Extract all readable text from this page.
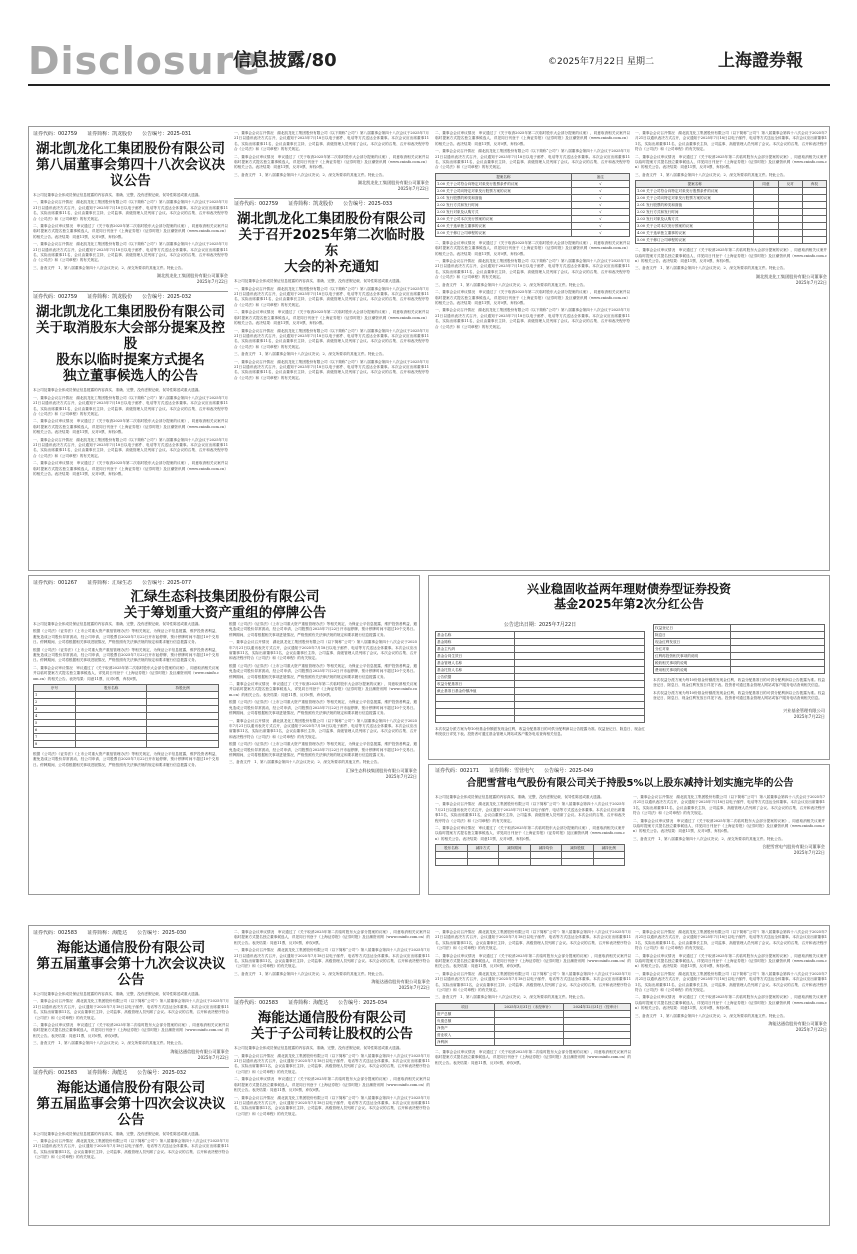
Disclosure
信息披露/80	©2025年7月22日 星期二	上海證券報
证券代码：002759　　证券简称：凯龙股份　　公告编号：2025-031
湖北凯龙化工集团股份有限公司
第八届董事会第四十八次会议决议公告

本公司及董事会全体成员保证信息披露的内容真实、准确、完整，没有虚假记载、误导性陈述或重大遗漏。

一、董事会会议召开情况　湖北凯龙化工集团股份有限公司（以下简称“公司”）第八届董事会第四十八次会议于2025年7月21日以通讯表决方式召开，会议通知于2025年7月18日以电子邮件、电话等方式送达全体董事。本次会议应出席董事11名，实际出席董事11名，会议由董事长主持，公司监事、高级管理人员列席了会议。本次会议的召集、召开和表决程序符合《公司法》和《公司章程》的有关规定。

二、董事会会议审议情况　审议通过了《关于取消2025年第二次临时股东大会部分提案的议案》，同意取消相关议案并以临时提案方式提名独立董事候选人，详见同日刊登于《上海证券报》《证券时报》及巨潮资讯网（www.cninfo.com.cn）的相关公告。表决结果：同意11票，反对0票，弃权0票。

一、董事会会议召开情况　湖北凯龙化工集团股份有限公司（以下简称“公司”）第八届董事会第四十八次会议于2025年7月21日以通讯表决方式召开，会议通知于2025年7月18日以电子邮件、电话等方式送达全体董事。本次会议应出席董事11名，实际出席董事11名，会议由董事长主持，公司监事、高级管理人员列席了会议。本次会议的召集、召开和表决程序符合《公司法》和《公司章程》的有关规定。

三、备查文件　1、第八届董事会第四十八次会议决议；2、深交所要求的其他文件。特此公告。

湖北凯龙化工集团股份有限公司董事会
2025年7月22日
证券代码：002759　　证券简称：凯龙股份　　公告编号：2025-032
湖北凯龙化工集团股份有限公司
关于取消股东大会部分提案及控股
股东以临时提案方式提名
独立董事候选人的公告

本公司及董事会全体成员保证信息披露的内容真实、准确、完整，没有虚假记载、误导性陈述或重大遗漏。

一、董事会会议召开情况　湖北凯龙化工集团股份有限公司（以下简称“公司”）第八届董事会第四十八次会议于2025年7月21日以通讯表决方式召开，会议通知于2025年7月18日以电子邮件、电话等方式送达全体董事。本次会议应出席董事11名，实际出席董事11名，会议由董事长主持，公司监事、高级管理人员列席了会议。本次会议的召集、召开和表决程序符合《公司法》和《公司章程》的有关规定。

二、董事会会议审议情况　审议通过了《关于取消2025年第二次临时股东大会部分提案的议案》，同意取消相关议案并以临时提案方式提名独立董事候选人，详见同日刊登于《上海证券报》《证券时报》及巨潮资讯网（www.cninfo.com.cn）的相关公告。表决结果：同意11票，反对0票，弃权0票。

一、董事会会议召开情况　湖北凯龙化工集团股份有限公司（以下简称“公司”）第八届董事会第四十八次会议于2025年7月21日以通讯表决方式召开，会议通知于2025年7月18日以电子邮件、电话等方式送达全体董事。本次会议应出席董事11名，实际出席董事11名，会议由董事长主持，公司监事、高级管理人员列席了会议。本次会议的召集、召开和表决程序符合《公司法》和《公司章程》的有关规定。

二、董事会会议审议情况　审议通过了《关于取消2025年第二次临时股东大会部分提案的议案》，同意取消相关议案并以临时提案方式提名独立董事候选人，详见同日刊登于《上海证券报》《证券时报》及巨潮资讯网（www.cninfo.com.cn）的相关公告。表决结果：同意11票，反对0票，弃权0票。

一、董事会会议召开情况　湖北凯龙化工集团股份有限公司（以下简称“公司”）第八届董事会第四十八次会议于2025年7月21日以通讯表决方式召开，会议通知于2025年7月18日以电子邮件、电话等方式送达全体董事。本次会议应出席董事11名，实际出席董事11名，会议由董事长主持，公司监事、高级管理人员列席了会议。本次会议的召集、召开和表决程序符合《公司法》和《公司章程》的有关规定。

二、董事会会议审议情况　审议通过了《关于取消2025年第二次临时股东大会部分提案的议案》，同意取消相关议案并以临时提案方式提名独立董事候选人，详见同日刊登于《上海证券报》《证券时报》及巨潮资讯网（www.cninfo.com.cn）的相关公告。表决结果：同意11票，反对0票，弃权0票。

三、备查文件　1、第八届董事会第四十八次会议决议；2、深交所要求的其他文件。特此公告。

湖北凯龙化工集团股份有限公司董事会
2025年7月22日
证券代码：002759　　证券简称：凯龙股份　　公告编号：2025-033
湖北凯龙化工集团股份有限公司
关于召开2025年第二次临时股东
大会的补充通知

本公司及董事会全体成员保证信息披露的内容真实、准确、完整，没有虚假记载、误导性陈述或重大遗漏。

一、董事会会议召开情况　湖北凯龙化工集团股份有限公司（以下简称“公司”）第八届董事会第四十八次会议于2025年7月21日以通讯表决方式召开，会议通知于2025年7月18日以电子邮件、电话等方式送达全体董事。本次会议应出席董事11名，实际出席董事11名，会议由董事长主持，公司监事、高级管理人员列席了会议。本次会议的召集、召开和表决程序符合《公司法》和《公司章程》的有关规定。

二、董事会会议审议情况　审议通过了《关于取消2025年第二次临时股东大会部分提案的议案》，同意取消相关议案并以临时提案方式提名独立董事候选人，详见同日刊登于《上海证券报》《证券时报》及巨潮资讯网（www.cninfo.com.cn）的相关公告。表决结果：同意11票，反对0票，弃权0票。

一、董事会会议召开情况　湖北凯龙化工集团股份有限公司（以下简称“公司”）第八届董事会第四十八次会议于2025年7月21日以通讯表决方式召开，会议通知于2025年7月18日以电子邮件、电话等方式送达全体董事。本次会议应出席董事11名，实际出席董事11名，会议由董事长主持，公司监事、高级管理人员列席了会议。本次会议的召集、召开和表决程序符合《公司法》和《公司章程》的有关规定。

三、备查文件　1、第八届董事会第四十八次会议决议；2、深交所要求的其他文件。特此公告。

一、董事会会议召开情况　湖北凯龙化工集团股份有限公司（以下简称“公司”）第八届董事会第四十八次会议于2025年7月21日以通讯表决方式召开，会议通知于2025年7月18日以电子邮件、电话等方式送达全体董事。本次会议应出席董事11名，实际出席董事11名，会议由董事长主持，公司监事、高级管理人员列席了会议。本次会议的召集、召开和表决程序符合《公司法》和《公司章程》的有关规定。

二、董事会会议审议情况　审议通过了《关于取消2025年第二次临时股东大会部分提案的议案》，同意取消相关议案并以临时提案方式提名独立董事候选人，详见同日刊登于《上海证券报》《证券时报》及巨潮资讯网（www.cninfo.com.cn）的相关公告。表决结果：同意11票，反对0票，弃权0票。

一、董事会会议召开情况　湖北凯龙化工集团股份有限公司（以下简称“公司”）第八届董事会第四十八次会议于2025年7月21日以通讯表决方式召开，会议通知于2025年7月18日以电子邮件、电话等方式送达全体董事。本次会议应出席董事11名，实际出席董事11名，会议由董事长主持，公司监事、高级管理人员列席了会议。本次会议的召集、召开和表决程序符合《公司法》和《公司章程》的有关规定。

提案名称	备注
1.00 关于公司符合向特定对象发行股票条件的议案	√
2.00 关于公司向特定对象发行股票方案的议案	√
2.01 发行股票的种类和面值	√
2.02 发行方式和发行时间	√
2.03 发行对象及认购方式	√
3.00 关于公司本次发行预案的议案	√
4.00 关于选举独立董事的议案	√
5.00 关于修订公司章程的议案	√

二、董事会会议审议情况　审议通过了《关于取消2025年第二次临时股东大会部分提案的议案》，同意取消相关议案并以临时提案方式提名独立董事候选人，详见同日刊登于《上海证券报》《证券时报》及巨潮资讯网（www.cninfo.com.cn）的相关公告。表决结果：同意11票，反对0票，弃权0票。

一、董事会会议召开情况　湖北凯龙化工集团股份有限公司（以下简称“公司”）第八届董事会第四十八次会议于2025年7月21日以通讯表决方式召开，会议通知于2025年7月18日以电子邮件、电话等方式送达全体董事。本次会议应出席董事11名，实际出席董事11名，会议由董事长主持，公司监事、高级管理人员列席了会议。本次会议的召集、召开和表决程序符合《公司法》和《公司章程》的有关规定。

三、备查文件　1、第八届董事会第四十八次会议决议；2、深交所要求的其他文件。特此公告。

二、董事会会议审议情况　审议通过了《关于取消2025年第二次临时股东大会部分提案的议案》，同意取消相关议案并以临时提案方式提名独立董事候选人，详见同日刊登于《上海证券报》《证券时报》及巨潮资讯网（www.cninfo.com.cn）的相关公告。表决结果：同意11票，反对0票，弃权0票。

一、董事会会议召开情况　湖北凯龙化工集团股份有限公司（以下简称“公司”）第八届董事会第四十八次会议于2025年7月21日以通讯表决方式召开，会议通知于2025年7月18日以电子邮件、电话等方式送达全体董事。本次会议应出席董事11名，实际出席董事11名，会议由董事长主持，公司监事、高级管理人员列席了会议。本次会议的召集、召开和表决程序符合《公司法》和《公司章程》的有关规定。

一、董事会会议召开情况　湖北凯龙化工集团股份有限公司（以下简称“公司”）第八届董事会第四十八次会议于2025年7月21日以通讯表决方式召开，会议通知于2025年7月18日以电子邮件、电话等方式送达全体董事。本次会议应出席董事11名，实际出席董事11名，会议由董事长主持，公司监事、高级管理人员列席了会议。本次会议的召集、召开和表决程序符合《公司法》和《公司章程》的有关规定。

二、董事会会议审议情况　审议通过了《关于取消2025年第二次临时股东大会部分提案的议案》，同意取消相关议案并以临时提案方式提名独立董事候选人，详见同日刊登于《上海证券报》《证券时报》及巨潮资讯网（www.cninfo.com.cn）的相关公告。表决结果：同意11票，反对0票，弃权0票。

三、备查文件　1、第八届董事会第四十八次会议决议；2、深交所要求的其他文件。特此公告。

提案名称	同意	反对	弃权
1.00 关于公司符合向特定对象发行股票条件的议案			
2.00 关于公司向特定对象发行股票方案的议案			
2.01 发行股票的种类和面值			
2.02 发行方式和发行时间			
2.03 发行对象及认购方式			
3.00 关于公司本次发行预案的议案			
4.00 关于选举独立董事的议案			
5.00 关于修订公司章程的议案			

二、董事会会议审议情况　审议通过了《关于取消2025年第二次临时股东大会部分提案的议案》，同意取消相关议案并以临时提案方式提名独立董事候选人，详见同日刊登于《上海证券报》《证券时报》及巨潮资讯网（www.cninfo.com.cn）的相关公告。表决结果：同意11票，反对0票，弃权0票。

三、备查文件　1、第八届董事会第四十八次会议决议；2、深交所要求的其他文件。特此公告。

湖北凯龙化工集团股份有限公司董事会
2025年7月22日
证券代码：001267　　证券简称：汇绿生态　　公告编号：2025-077
汇绿生态科技集团股份有限公司
关于筹划重大资产重组的停牌公告

本公司及董事会全体成员保证信息披露的内容真实、准确、完整，没有虚假记载、误导性陈述或重大遗漏。

根据《公司法》《证券法》《上市公司重大资产重组管理办法》等相关规定，为保证公平信息披露，维护投资者利益，避免造成公司股价异常波动，经公司申请，公司股票自2025年7月22日开市起停牌，预计停牌时间不超过10个交易日。停牌期间，公司将根据相关事项进展情况，严格按照有关法律法规的规定和要求履行信息披露义务。

根据《公司法》《证券法》《上市公司重大资产重组管理办法》等相关规定，为保证公平信息披露，维护投资者利益，避免造成公司股价异常波动，经公司申请，公司股票自2025年7月22日开市起停牌，预计停牌时间不超过10个交易日。停牌期间，公司将根据相关事项进展情况，严格按照有关法律法规的规定和要求履行信息披露义务。

二、董事会会议审议情况　审议通过了《关于取消2025年第二次临时股东大会部分提案的议案》，同意取消相关议案并以临时提案方式提名独立董事候选人，详见同日刊登于《上海证券报》《证券时报》及巨潮资讯网（www.cninfo.com.cn）的相关公告。表决结果：同意11票，反对0票，弃权0票。

序号	股东名称	持股比例
1		
2		
3		
4		
5		
6		
7		
8		

根据《公司法》《证券法》《上市公司重大资产重组管理办法》等相关规定，为保证公平信息披露，维护投资者利益，避免造成公司股价异常波动，经公司申请，公司股票自2025年7月22日开市起停牌，预计停牌时间不超过10个交易日。停牌期间，公司将根据相关事项进展情况，严格按照有关法律法规的规定和要求履行信息披露义务。

根据《公司法》《证券法》《上市公司重大资产重组管理办法》等相关规定，为保证公平信息披露，维护投资者利益，避免造成公司股价异常波动，经公司申请，公司股票自2025年7月22日开市起停牌，预计停牌时间不超过10个交易日。停牌期间，公司将根据相关事项进展情况，严格按照有关法律法规的规定和要求履行信息披露义务。

一、董事会会议召开情况　湖北凯龙化工集团股份有限公司（以下简称“公司”）第八届董事会第四十八次会议于2025年7月21日以通讯表决方式召开，会议通知于2025年7月18日以电子邮件、电话等方式送达全体董事。本次会议应出席董事11名，实际出席董事11名，会议由董事长主持，公司监事、高级管理人员列席了会议。本次会议的召集、召开和表决程序符合《公司法》和《公司章程》的有关规定。

根据《公司法》《证券法》《上市公司重大资产重组管理办法》等相关规定，为保证公平信息披露，维护投资者利益，避免造成公司股价异常波动，经公司申请，公司股票自2025年7月22日开市起停牌，预计停牌时间不超过10个交易日。停牌期间，公司将根据相关事项进展情况，严格按照有关法律法规的规定和要求履行信息披露义务。

二、董事会会议审议情况　审议通过了《关于取消2025年第二次临时股东大会部分提案的议案》，同意取消相关议案并以临时提案方式提名独立董事候选人，详见同日刊登于《上海证券报》《证券时报》及巨潮资讯网（www.cninfo.com.cn）的相关公告。表决结果：同意11票，反对0票，弃权0票。

根据《公司法》《证券法》《上市公司重大资产重组管理办法》等相关规定，为保证公平信息披露，维护投资者利益，避免造成公司股价异常波动，经公司申请，公司股票自2025年7月22日开市起停牌，预计停牌时间不超过10个交易日。停牌期间，公司将根据相关事项进展情况，严格按照有关法律法规的规定和要求履行信息披露义务。

一、董事会会议召开情况　湖北凯龙化工集团股份有限公司（以下简称“公司”）第八届董事会第四十八次会议于2025年7月21日以通讯表决方式召开，会议通知于2025年7月18日以电子邮件、电话等方式送达全体董事。本次会议应出席董事11名，实际出席董事11名，会议由董事长主持，公司监事、高级管理人员列席了会议。本次会议的召集、召开和表决程序符合《公司法》和《公司章程》的有关规定。

根据《公司法》《证券法》《上市公司重大资产重组管理办法》等相关规定，为保证公平信息披露，维护投资者利益，避免造成公司股价异常波动，经公司申请，公司股票自2025年7月22日开市起停牌，预计停牌时间不超过10个交易日。停牌期间，公司将根据相关事项进展情况，严格按照有关法律法规的规定和要求履行信息披露义务。

三、备查文件　1、第八届董事会第四十八次会议决议；2、深交所要求的其他文件。特此公告。

汇绿生态科技集团股份有限公司董事会
2025年7月22日
兴业稳固收益两年理财债券型证券投资
基金2025年第2次分红公告
公告送出日期：2025年7月22日
基金名称	
基金简称	
基金主代码	
基金合同生效日	
基金管理人名称	
基金托管人名称	
公告依据	
收益分配基准日	
截止基准日基金份额净值	

本次权益分派方案为每10份基金份额派发现金红利，收益分配基准日的可供分配利润以公告披露为准。权益登记日、除息日、现金红利发放日详见下表。投资者可通过基金管理人网站或客户服务电话查询相关信息。

权益登记日	
除息日	
现金红利发放日	
分红对象	
红利再投资相关事项的说明	
税收相关事项的说明	
费用相关事项的说明	

本次权益分派方案为每10份基金份额派发现金红利，收益分配基准日的可供分配利润以公告披露为准。权益登记日、除息日、现金红利发放日详见下表。投资者可通过基金管理人网站或客户服务电话查询相关信息。

本次权益分派方案为每10份基金份额派发现金红利，收益分配基准日的可供分配利润以公告披露为准。权益登记日、除息日、现金红利发放日详见下表。投资者可通过基金管理人网站或客户服务电话查询相关信息。

兴业基金管理有限公司
2025年7月22日
证券代码：002171　　证券简称：雪营电气　　公告编号：2025-049
合肥雪营电气股份有限公司关于持股5%以上股东减持计划实施完毕的公告

本公司及董事会全体成员保证信息披露的内容真实、准确、完整，没有虚假记载、误导性陈述或重大遗漏。

一、董事会会议召开情况　湖北凯龙化工集团股份有限公司（以下简称“公司”）第八届董事会第四十八次会议于2025年7月21日以通讯表决方式召开，会议通知于2025年7月18日以电子邮件、电话等方式送达全体董事。本次会议应出席董事11名，实际出席董事11名，会议由董事长主持，公司监事、高级管理人员列席了会议。本次会议的召集、召开和表决程序符合《公司法》和《公司章程》的有关规定。

二、董事会会议审议情况　审议通过了《关于取消2025年第二次临时股东大会部分提案的议案》，同意取消相关议案并以临时提案方式提名独立董事候选人，详见同日刊登于《上海证券报》《证券时报》及巨潮资讯网（www.cninfo.com.cn）的相关公告。表决结果：同意11票，反对0票，弃权0票。

股东名称	减持方式	减持期间	减持均价	减持股数	减持比例

一、董事会会议召开情况　湖北凯龙化工集团股份有限公司（以下简称“公司”）第八届董事会第四十八次会议于2025年7月21日以通讯表决方式召开，会议通知于2025年7月18日以电子邮件、电话等方式送达全体董事。本次会议应出席董事11名，实际出席董事11名，会议由董事长主持，公司监事、高级管理人员列席了会议。本次会议的召集、召开和表决程序符合《公司法》和《公司章程》的有关规定。

二、董事会会议审议情况　审议通过了《关于取消2025年第二次临时股东大会部分提案的议案》，同意取消相关议案并以临时提案方式提名独立董事候选人，详见同日刊登于《上海证券报》《证券时报》及巨潮资讯网（www.cninfo.com.cn）的相关公告。表决结果：同意11票，反对0票，弃权0票。

三、备查文件　1、第八届董事会第四十八次会议决议；2、深交所要求的其他文件。特此公告。

合肥雪营电气股份有限公司董事会
2025年7月22日
证券代码：002583　　证券简称：海能达　　公告编号：2025-030
海能达通信股份有限公司
第五届董事会第十九次会议决议公告

本公司及董事会全体成员保证信息披露的内容真实、准确、完整，没有虚假记载、误导性陈述或重大遗漏。

一、董事会会议召开情况　湖北凯龙化工集团股份有限公司（以下简称“公司”）第八届董事会第四十八次会议于2025年7月21日以通讯表决方式召开，会议通知于2025年7月18日以电子邮件、电话等方式送达全体董事。本次会议应出席董事11名，实际出席董事11名，会议由董事长主持，公司监事、高级管理人员列席了会议。本次会议的召集、召开和表决程序符合《公司法》和《公司章程》的有关规定。

二、董事会会议审议情况　审议通过了《关于取消2025年第二次临时股东大会部分提案的议案》，同意取消相关议案并以临时提案方式提名独立董事候选人，详见同日刊登于《上海证券报》《证券时报》及巨潮资讯网（www.cninfo.com.cn）的相关公告。表决结果：同意11票，反对0票，弃权0票。

三、备查文件　1、第八届董事会第四十八次会议决议；2、深交所要求的其他文件。特此公告。

海能达通信股份有限公司董事会
2025年7月22日
证券代码：002583　　证券简称：海能达　　公告编号：2025-032
海能达通信股份有限公司
第五届监事会第十四次会议决议公告

本公司及董事会全体成员保证信息披露的内容真实、准确、完整，没有虚假记载、误导性陈述或重大遗漏。

一、董事会会议召开情况　湖北凯龙化工集团股份有限公司（以下简称“公司”）第八届董事会第四十八次会议于2025年7月21日以通讯表决方式召开，会议通知于2025年7月18日以电子邮件、电话等方式送达全体董事。本次会议应出席董事11名，实际出席董事11名，会议由董事长主持，公司监事、高级管理人员列席了会议。本次会议的召集、召开和表决程序符合《公司法》和《公司章程》的有关规定。

二、董事会会议审议情况　审议通过了《关于取消2025年第二次临时股东大会部分提案的议案》，同意取消相关议案并以临时提案方式提名独立董事候选人，详见同日刊登于《上海证券报》《证券时报》及巨潮资讯网（www.cninfo.com.cn）的相关公告。表决结果：同意11票，反对0票，弃权0票。

一、董事会会议召开情况　湖北凯龙化工集团股份有限公司（以下简称“公司”）第八届董事会第四十八次会议于2025年7月21日以通讯表决方式召开，会议通知于2025年7月18日以电子邮件、电话等方式送达全体董事。本次会议应出席董事11名，实际出席董事11名，会议由董事长主持，公司监事、高级管理人员列席了会议。本次会议的召集、召开和表决程序符合《公司法》和《公司章程》的有关规定。

三、备查文件　1、第八届董事会第四十八次会议决议；2、深交所要求的其他文件。特此公告。

海能达通信股份有限公司监事会
2025年7月22日
证券代码：002583　　证券简称：海能达　　公告编号：2025-034
海能达通信股份有限公司
关于子公司转让股权的公告

本公司及董事会全体成员保证信息披露的内容真实、准确、完整，没有虚假记载、误导性陈述或重大遗漏。

一、董事会会议召开情况　湖北凯龙化工集团股份有限公司（以下简称“公司”）第八届董事会第四十八次会议于2025年7月21日以通讯表决方式召开，会议通知于2025年7月18日以电子邮件、电话等方式送达全体董事。本次会议应出席董事11名，实际出席董事11名，会议由董事长主持，公司监事、高级管理人员列席了会议。本次会议的召集、召开和表决程序符合《公司法》和《公司章程》的有关规定。

二、董事会会议审议情况　审议通过了《关于取消2025年第二次临时股东大会部分提案的议案》，同意取消相关议案并以临时提案方式提名独立董事候选人，详见同日刊登于《上海证券报》《证券时报》及巨潮资讯网（www.cninfo.com.cn）的相关公告。表决结果：同意11票，反对0票，弃权0票。

一、董事会会议召开情况　湖北凯龙化工集团股份有限公司（以下简称“公司”）第八届董事会第四十八次会议于2025年7月21日以通讯表决方式召开，会议通知于2025年7月18日以电子邮件、电话等方式送达全体董事。本次会议应出席董事11名，实际出席董事11名，会议由董事长主持，公司监事、高级管理人员列席了会议。本次会议的召集、召开和表决程序符合《公司法》和《公司章程》的有关规定。

一、董事会会议召开情况　湖北凯龙化工集团股份有限公司（以下简称“公司”）第八届董事会第四十八次会议于2025年7月21日以通讯表决方式召开，会议通知于2025年7月18日以电子邮件、电话等方式送达全体董事。本次会议应出席董事11名，实际出席董事11名，会议由董事长主持，公司监事、高级管理人员列席了会议。本次会议的召集、召开和表决程序符合《公司法》和《公司章程》的有关规定。

二、董事会会议审议情况　审议通过了《关于取消2025年第二次临时股东大会部分提案的议案》，同意取消相关议案并以临时提案方式提名独立董事候选人，详见同日刊登于《上海证券报》《证券时报》及巨潮资讯网（www.cninfo.com.cn）的相关公告。表决结果：同意11票，反对0票，弃权0票。

一、董事会会议召开情况　湖北凯龙化工集团股份有限公司（以下简称“公司”）第八届董事会第四十八次会议于2025年7月21日以通讯表决方式召开，会议通知于2025年7月18日以电子邮件、电话等方式送达全体董事。本次会议应出席董事11名，实际出席董事11名，会议由董事长主持，公司监事、高级管理人员列席了会议。本次会议的召集、召开和表决程序符合《公司法》和《公司章程》的有关规定。

三、备查文件　1、第八届董事会第四十八次会议决议；2、深交所要求的其他文件。特此公告。

项目	2025年3月31日（未经审计）	2024年12月31日（经审计）
资产总额		
负债总额		
净资产		
营业收入		
净利润		

二、董事会会议审议情况　审议通过了《关于取消2025年第二次临时股东大会部分提案的议案》，同意取消相关议案并以临时提案方式提名独立董事候选人，详见同日刊登于《上海证券报》《证券时报》及巨潮资讯网（www.cninfo.com.cn）的相关公告。表决结果：同意11票，反对0票，弃权0票。

一、董事会会议召开情况　湖北凯龙化工集团股份有限公司（以下简称“公司”）第八届董事会第四十八次会议于2025年7月21日以通讯表决方式召开，会议通知于2025年7月18日以电子邮件、电话等方式送达全体董事。本次会议应出席董事11名，实际出席董事11名，会议由董事长主持，公司监事、高级管理人员列席了会议。本次会议的召集、召开和表决程序符合《公司法》和《公司章程》的有关规定。

二、董事会会议审议情况　审议通过了《关于取消2025年第二次临时股东大会部分提案的议案》，同意取消相关议案并以临时提案方式提名独立董事候选人，详见同日刊登于《上海证券报》《证券时报》及巨潮资讯网（www.cninfo.com.cn）的相关公告。表决结果：同意11票，反对0票，弃权0票。

一、董事会会议召开情况　湖北凯龙化工集团股份有限公司（以下简称“公司”）第八届董事会第四十八次会议于2025年7月21日以通讯表决方式召开，会议通知于2025年7月18日以电子邮件、电话等方式送达全体董事。本次会议应出席董事11名，实际出席董事11名，会议由董事长主持，公司监事、高级管理人员列席了会议。本次会议的召集、召开和表决程序符合《公司法》和《公司章程》的有关规定。

二、董事会会议审议情况　审议通过了《关于取消2025年第二次临时股东大会部分提案的议案》，同意取消相关议案并以临时提案方式提名独立董事候选人，详见同日刊登于《上海证券报》《证券时报》及巨潮资讯网（www.cninfo.com.cn）的相关公告。表决结果：同意11票，反对0票，弃权0票。

三、备查文件　1、第八届董事会第四十八次会议决议；2、深交所要求的其他文件。特此公告。

海能达通信股份有限公司董事会
2025年7月22日
